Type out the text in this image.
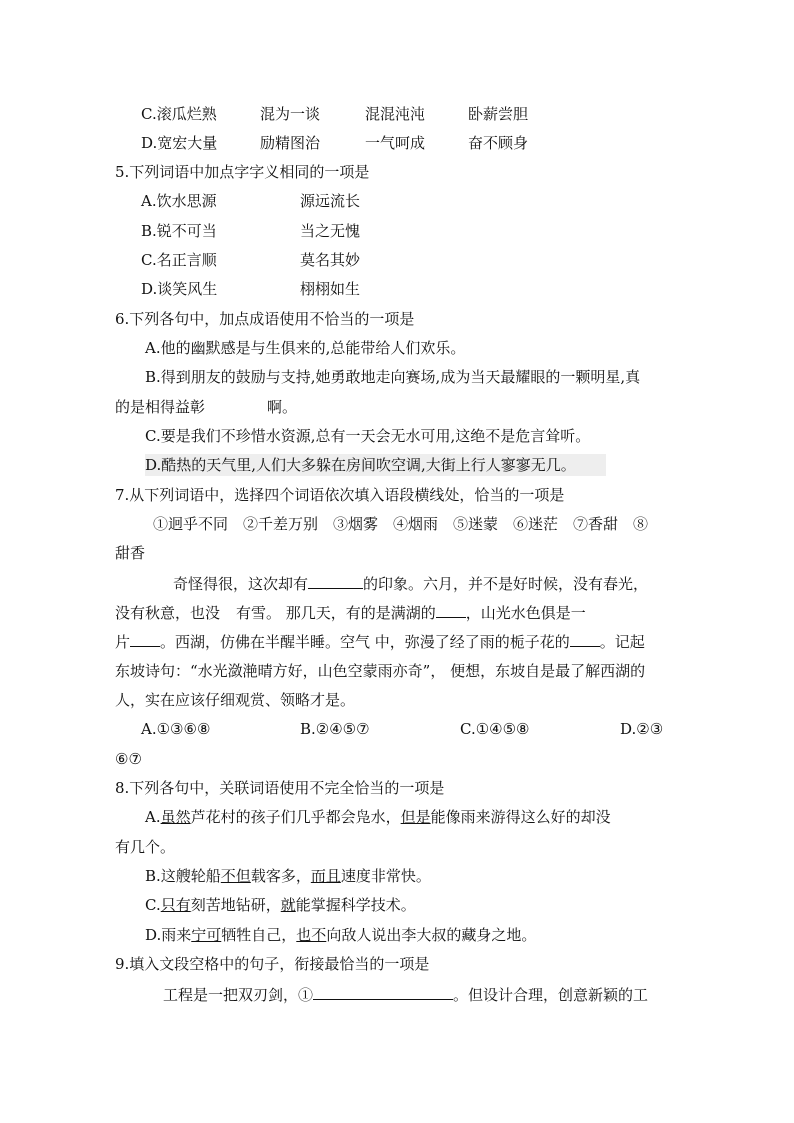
C.滚瓜烂熟	混为一谈	混混沌沌	卧薪尝胆
D.宽宏大量	励精图治	一气呵成	奋不顾身
5.下列词语中加点字字义相同的一项是
A.饮水思源	源远流长
B.锐不可当	当之无愧
C.名正言顺	莫名其妙
D.谈笑风生	栩栩如生
6.下列各句中，加点成语使用不恰当的一项是
A.他的幽默感是与生俱来的,总能带给人们欢乐。
B.得到朋友的鼓励与支持,她勇敢地走向赛场,成为当天最耀眼的一颗明星,真
的是相得益彰	啊。
C.要是我们不珍惜水资源,总有一天会无水可用,这绝不是危言耸听。
D.酷热的天气里,人们大多躲在房间吹空调,大街上行人寥寥无几。
7.从下列词语中，选择四个词语依次填入语段横线处，恰当的一项是
①迥乎不同　②千差万别　③烟雾　④烟雨　⑤迷蒙　⑥迷茫　⑦香甜　⑧
甜香
奇怪得很，这次却有	的印象。六月，并不是好时候，没有春光，
没有秋意，也没 有雪。 那几天，有的是满湖的 ，山光水色俱是一
片 。西湖，仿佛在半醒半睡。空气 中，弥漫了经了雨的栀子花的 。记起
东坡诗句：“水光潋滟晴方好，山色空蒙雨亦奇”， 便想，东坡自是最了解西湖的
人，实在应该仔细观赏、领略才是。
A.①③⑥⑧	B.②④⑤⑦	C.①④⑤⑧	D.②③
⑥⑦
8.下列各句中，关联词语使用不完全恰当的一项是
A.虽然芦花村的孩子们几乎都会凫水，但是能像雨来游得这么好的却没
有几个。
B.这艘轮船不但载客多，而且速度非常快。
C.只有刻苦地钻研，就能掌握科学技术。
D.雨来宁可牺牲自己，也不向敌人说出李大叔的藏身之地。
9.填入文段空格中的句子，衔接最恰当的一项是
工程是一把双刃剑，①	。但设计合理，创意新颖的工
